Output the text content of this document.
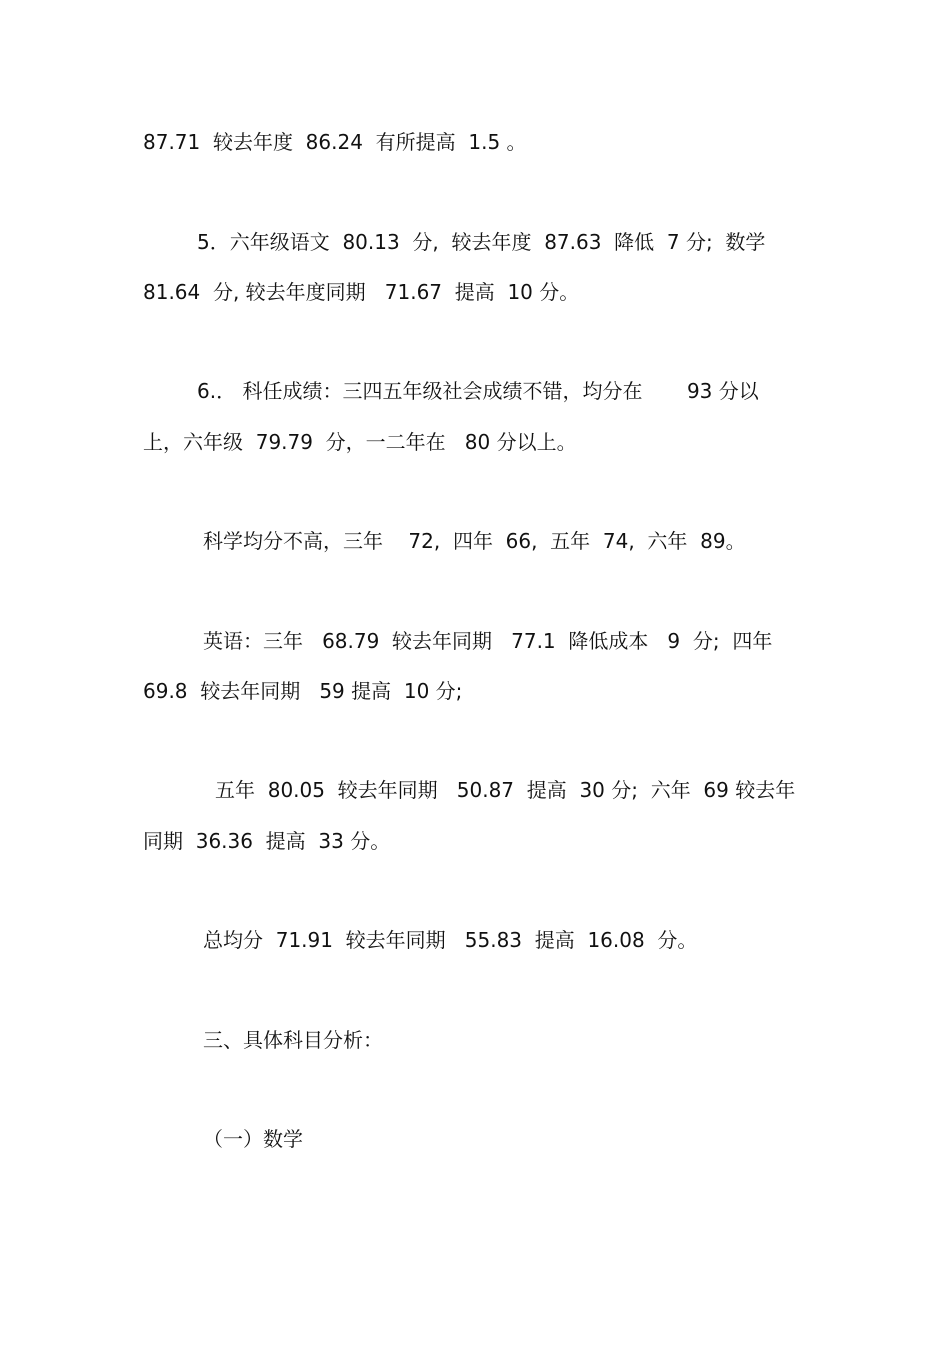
87.71  较去年度  86.24  有所提高  1.5 。
5．六年级语文  80.13  分,  较去年度  87.63  降低  7 分;  数学
81.64  分, 较去年度同期   71.67  提高  10 分。
6.． 科任成绩：三四五年级社会成绩不错，均分在       93 分以
上，六年级  79.79  分，一二年在   80 分以上。
科学均分不高，三年    72,  四年  66,  五年  74,  六年  89。
英语：三年   68.79  较去年同期   77.1  降低成本   9  分;  四年
69.8  较去年同期   59 提高  10 分;
五年  80.05  较去年同期   50.87  提高  30 分;  六年  69 较去年
同期  36.36  提高  33 分。
总均分  71.91  较去年同期   55.83  提高  16.08  分。
三、具体科目分析：
（一）数学
